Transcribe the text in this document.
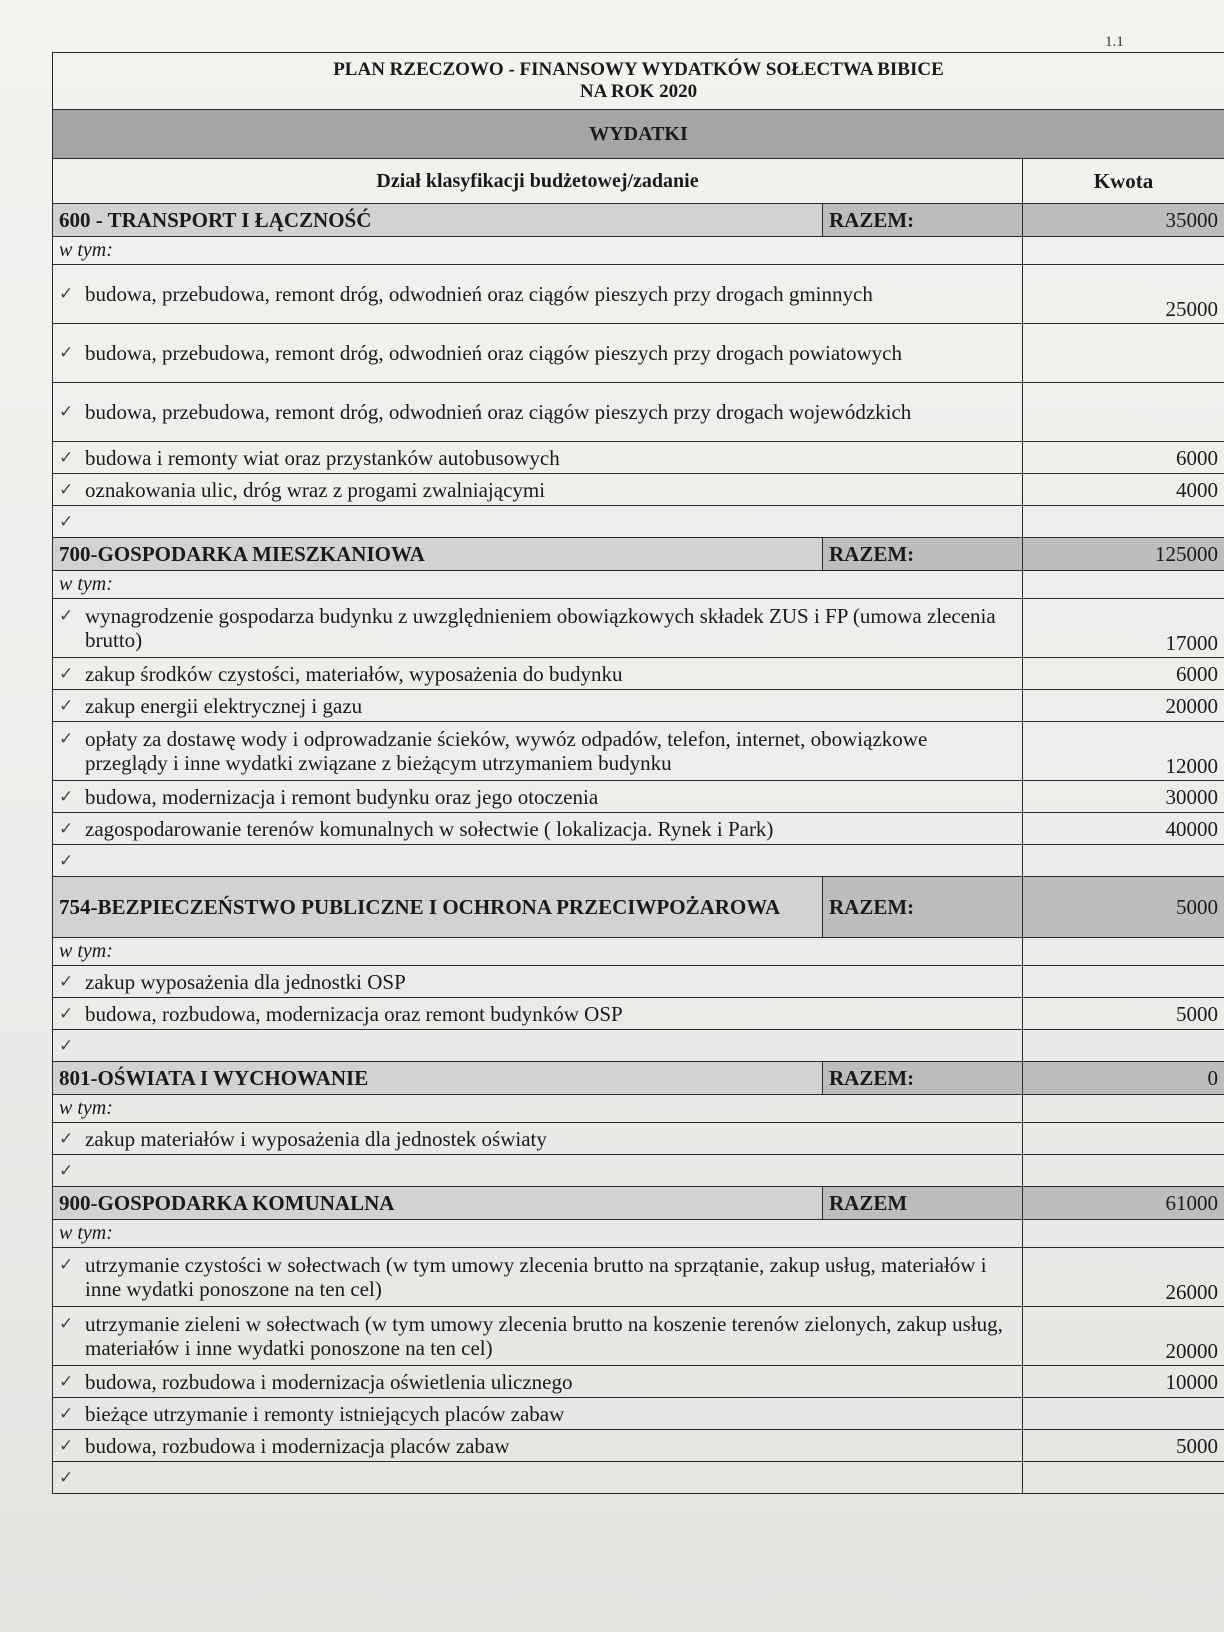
1.1
PLAN RZECZOWO - FINANSOWY WYDATKÓW SOŁECTWA BIBICE
NA ROK 2020		

WYDATKI		
Dział klasyfikacji budżetowej/zadanie		Kwota
600 - TRANSPORT I ŁĄCZNOŚĆ	RAZEM:	35000
w tym:		
✓ budowa, przebudowa, remont dróg, odwodnień oraz ciągów pieszych przy drogach gminnych		25000
✓ budowa, przebudowa, remont dróg, odwodnień oraz ciągów pieszych przy drogach powiatowych		
✓ budowa, przebudowa, remont dróg, odwodnień oraz ciągów pieszych przy drogach wojewódzkich		
✓ budowa i remonty wiat oraz przystanków autobusowych		6000
✓ oznakowania ulic, dróg wraz z progami zwalniającymi		4000
✓		
700-GOSPODARKA MIESZKANIOWA	RAZEM:	125000
w tym:		
✓ wynagrodzenie gospodarza budynku z uwzględnieniem obowiązkowych składek ZUS i FP (umowa zlecenia brutto)		17000
✓ zakup środków czystości, materiałów, wyposażenia do budynku		6000
✓ zakup energii elektrycznej i gazu		20000
✓ opłaty za dostawę wody i odprowadzanie ścieków, wywóz odpadów, telefon, internet, obowiązkowe przeglądy i inne wydatki związane z bieżącym utrzymaniem budynku		12000
✓ budowa, modernizacja i remont budynku oraz jego otoczenia		30000
✓ zagospodarowanie terenów komunalnych w sołectwie ( lokalizacja. Rynek i Park)		40000
✓		
754-BEZPIECZEŃSTWO PUBLICZNE I OCHRONA PRZECIWPOŻAROWA	RAZEM:	5000
w tym:		
✓ zakup wyposażenia dla jednostki OSP		
✓ budowa, rozbudowa, modernizacja oraz remont budynków OSP		5000
✓		
801-OŚWIATA I WYCHOWANIE	RAZEM:	0
w tym:		
✓ zakup materiałów i wyposażenia dla jednostek oświaty		
✓		
900-GOSPODARKA KOMUNALNA	RAZEM	61000
w tym:		
✓ utrzymanie czystości w sołectwach (w tym umowy zlecenia brutto na sprzątanie, zakup usług, materiałów i inne wydatki ponoszone na ten cel)		26000
✓ utrzymanie zieleni w sołectwach (w tym umowy zlecenia brutto na koszenie terenów zielonych, zakup usług, materiałów i inne wydatki ponoszone na ten cel)		20000
✓ budowa, rozbudowa i modernizacja oświetlenia ulicznego		10000
✓ bieżące utrzymanie i remonty istniejących placów zabaw		
✓ budowa, rozbudowa i modernizacja placów zabaw		5000
✓		
